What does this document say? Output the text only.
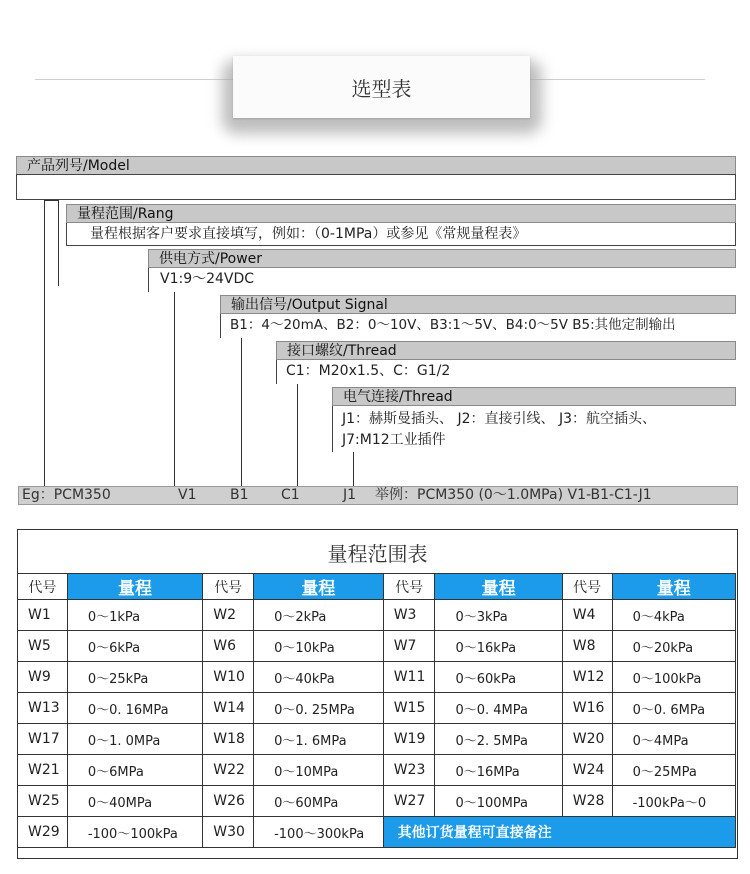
选型表
产品列号/Model
量程范围/Rang
量程根据客户要求直接填写，例如：（0-1MPa）或参见《常规量程表》
供电方式/Power
V1:9～24VDC
输出信号/Output Signal
B1：4～20mA、B2：0～10V、B3:1～5V、B4:0～5V B5:其他定制输出
接口螺纹/Thread
C1：M20x1.5、C：G1/2
电气连接/Thread
J1：赫斯曼插头、 J2：直接引线、 J3：航空插头、
J7:M12工业插件
Eg：PCM350	V1 B1 C1	J1 举例：PCM350 (0～1.0MPa) V1-B1-C1-J1
量程范围表
代号	量程	代号	量程	代号	量程	代号	量程
W1	0～1kPa	W2	0～2kPa	W3	0～3kPa	W4	0～4kPa
W5	0～6kPa	W6	0～10kPa	W7	0～16kPa	W8	0～20kPa
W9	0～25kPa	W10	0～40kPa	W11	0～60kPa	W12	0～100kPa
W13	0～0. 16MPa	W14	0～0. 25MPa	W15	0～0. 4MPa	W16	0～0. 6MPa
W17	0～1. 0MPa	W18	0～1. 6MPa	W19	0～2. 5MPa	W20	0～4MPa
W21	0～6MPa	W22	0～10MPa	W23	0～16MPa	W24	0～25MPa
W25	0～40MPa	W26	0～60MPa	W27	0～100MPa	W28	-100kPa～0
W29	-100～100kPa	W30	-100～300kPa	其他订货量程可直接备注			
